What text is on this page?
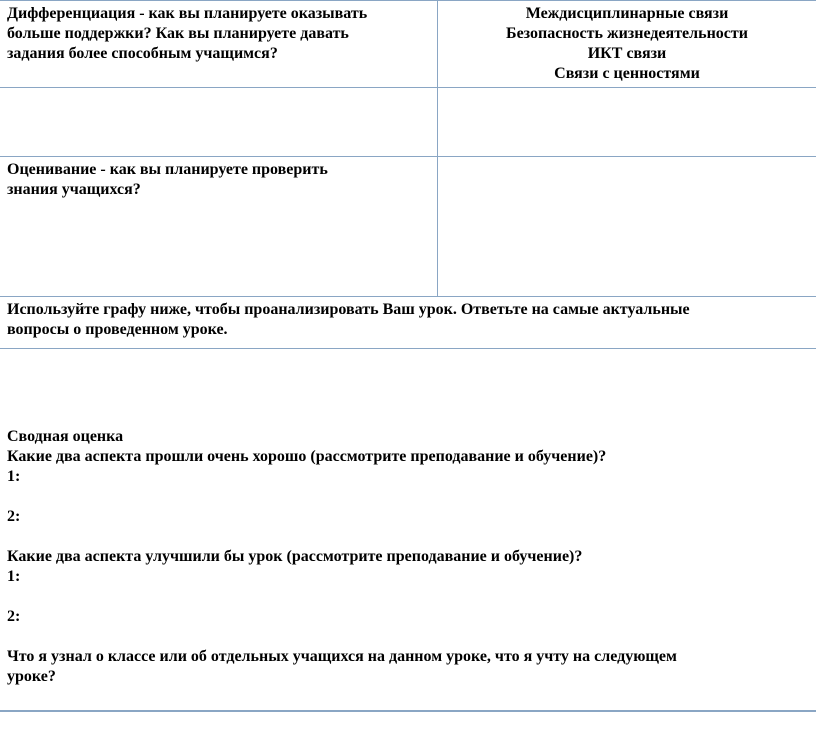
Дифференциация - как вы планируете оказывать
больше поддержки? Как вы планируете давать
задания более способным учащимся?
Междисциплинарные связи
Безопасность жизнедеятельности
ИКТ связи
Связи с ценностями
Оценивание - как вы планируете проверить
знания учащихся?
Используйте графу ниже, чтобы проанализировать Ваш урок. Ответьте на самые актуальные
вопросы о проведенном уроке.
Сводная оценка
Какие два аспекта прошли очень хорошо (рассмотрите преподавание и обучение)?
1:
2:
Какие два аспекта улучшили бы урок (рассмотрите преподавание и обучение)?
1:
2:
Что я узнал о классе или об отдельных учащихся на данном уроке, что я учту на следующем
уроке?
